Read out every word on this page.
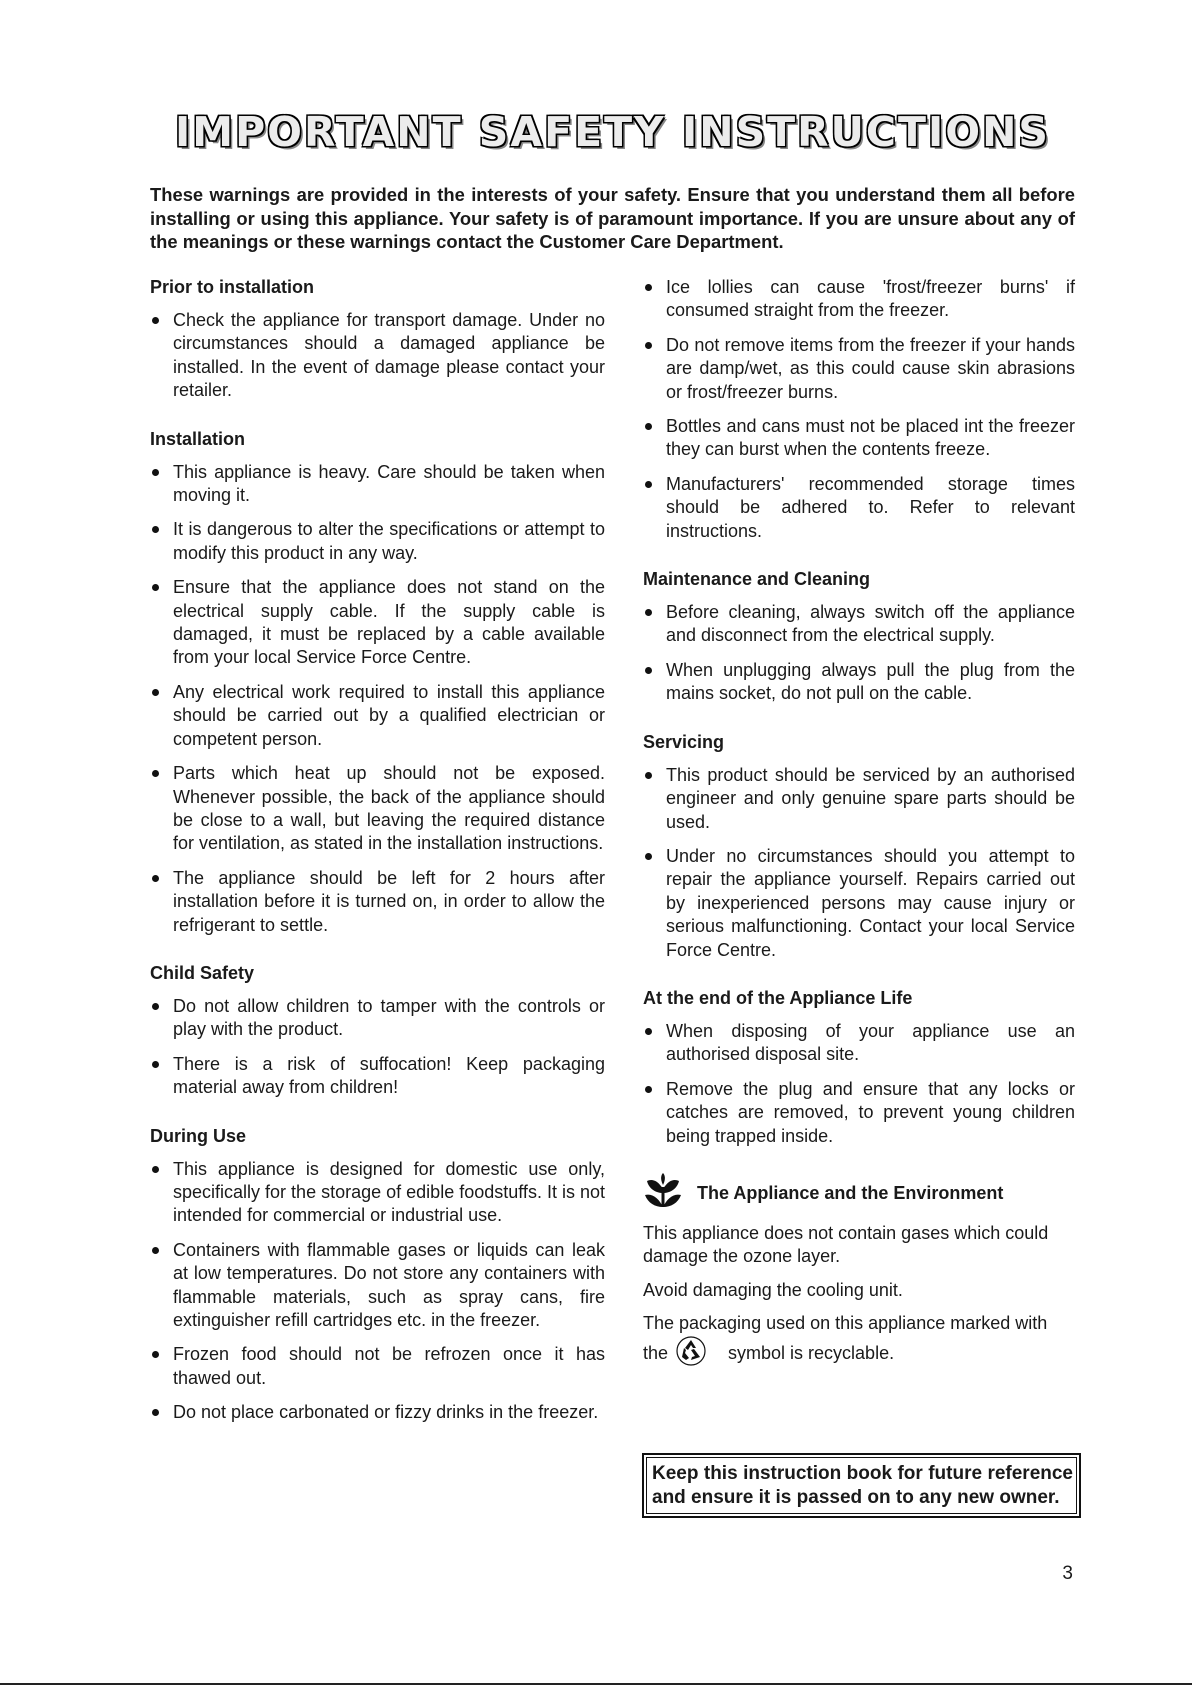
IMPORTANT SAFETY INSTRUCTIONS

These warnings are provided in the interests of your safety. Ensure that you understand them all before installing or using this appliance. Your safety is of paramount importance. If you are unsure about any of the meanings or these warnings contact the Customer Care Department.

Prior to installation
Check the appliance for transport damage. Under no circumstances should a damaged appliance be installed. In the event of damage please contact your retailer.
Installation
This appliance is heavy. Care should be taken when moving it.
It is dangerous to alter the specifications or attempt to modify this product in any way.
Ensure that the appliance does not stand on the electrical supply cable. If the supply cable is damaged, it must be replaced by a cable available from your local Service Force Centre.
Any electrical work required to install this appliance should be carried out by a qualified electrician or competent person.
Parts which heat up should not be exposed. Whenever possible, the back of the appliance should be close to a wall, but leaving the required distance for ventilation, as stated in the installation instructions.
The appliance should be left for 2 hours after installation before it is turned on, in order to allow the refrigerant to settle.
Child Safety
Do not allow children to tamper with the controls or play with the product.
There is a risk of suffocation! Keep packaging material away from children!
During Use
This appliance is designed for domestic use only, specifically for the storage of edible foodstuffs. It is not intended for commercial or industrial use.
Containers with flammable gases or liquids can leak at low temperatures. Do not store any containers with flammable materials, such as spray cans, fire extinguisher refill cartridges etc. in the freezer.
Frozen food should not be refrozen once it has thawed out.
Do not place carbonated or fizzy drinks in the freezer.
Ice lollies can cause 'frost/freezer burns' if consumed straight from the freezer.
Do not remove items from the freezer if your hands are damp/wet, as this could cause skin abrasions or frost/freezer burns.
Bottles and cans must not be placed int the freezer they can burst when the contents freeze.
Manufacturers' recommended storage times should be adhered to. Refer to relevant instructions.
Maintenance and Cleaning
Before cleaning, always switch off the appliance and disconnect from the electrical supply.
When unplugging always pull the plug from the mains socket, do not pull on the cable.
Servicing
This product should be serviced by an authorised engineer and only genuine spare parts should be used.
Under no circumstances should you attempt to repair the appliance yourself. Repairs carried out by inexperienced persons may cause injury or serious malfunctioning. Contact your local Service Force Centre.
At the end of the Appliance Life
When disposing of your appliance use an authorised disposal site.
Remove the plug and ensure that any locks or catches are removed, to prevent young children being trapped inside.
The Appliance and the Environment

This appliance does not contain gases which could damage the ozone layer.

Avoid damaging the cooling unit.

The packaging used on this appliance marked with
the	symbol is recyclable.

Keep this instruction book for future reference and ensure it is passed on to any new owner.
3
